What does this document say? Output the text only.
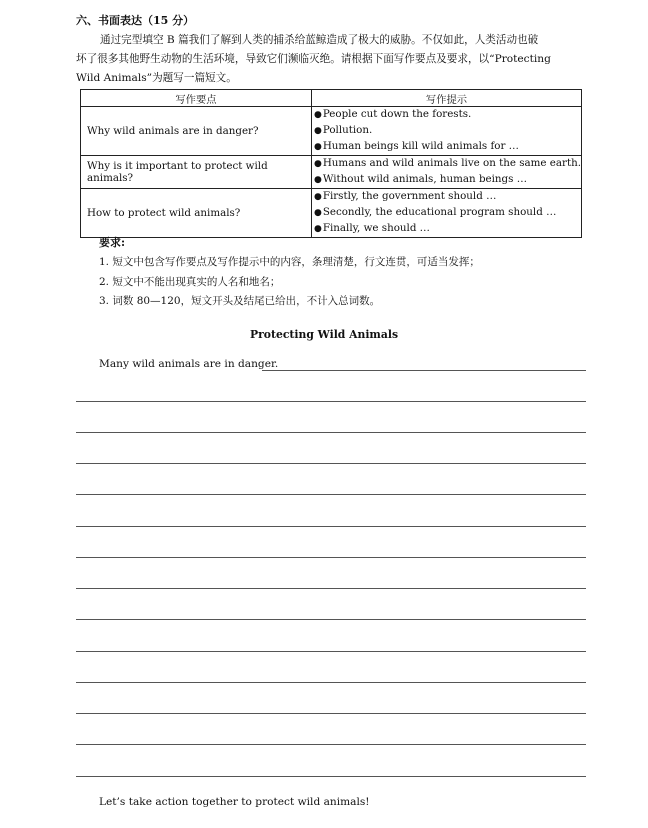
六、书面表达（15 分）

通过完型填空 B 篇我们了解到人类的捕杀给蓝鲸造成了极大的威胁。不仅如此，人类活动也破

坏了很多其他野生动物的生活环境，导致它们濒临灭绝。请根据下面写作要点及要求，以“Protecting

Wild Animals”为题写一篇短文。

写作要点	写作提示
Why wild animals are in danger?	●People cut down the forests.
●Pollution.
●Human beings kill wild animals for …

Why is it important to protect wild animals?	●Humans and wild animals live on the same earth.
●Without wild animals, human beings …

How to protect wild animals?	●Firstly, the government should …
●Secondly, the educational program should …
●Finally, we should …
要求:
1. 短文中包含写作要点及写作提示中的内容，条理清楚，行文连贯，可适当发挥；
2. 短文中不能出现真实的人名和地名；
3. 词数 80—120，短文开头及结尾已给出，不计入总词数。
Protecting Wild Animals
Many wild animals are in danger.
Let’s take action together to protect wild animals!
